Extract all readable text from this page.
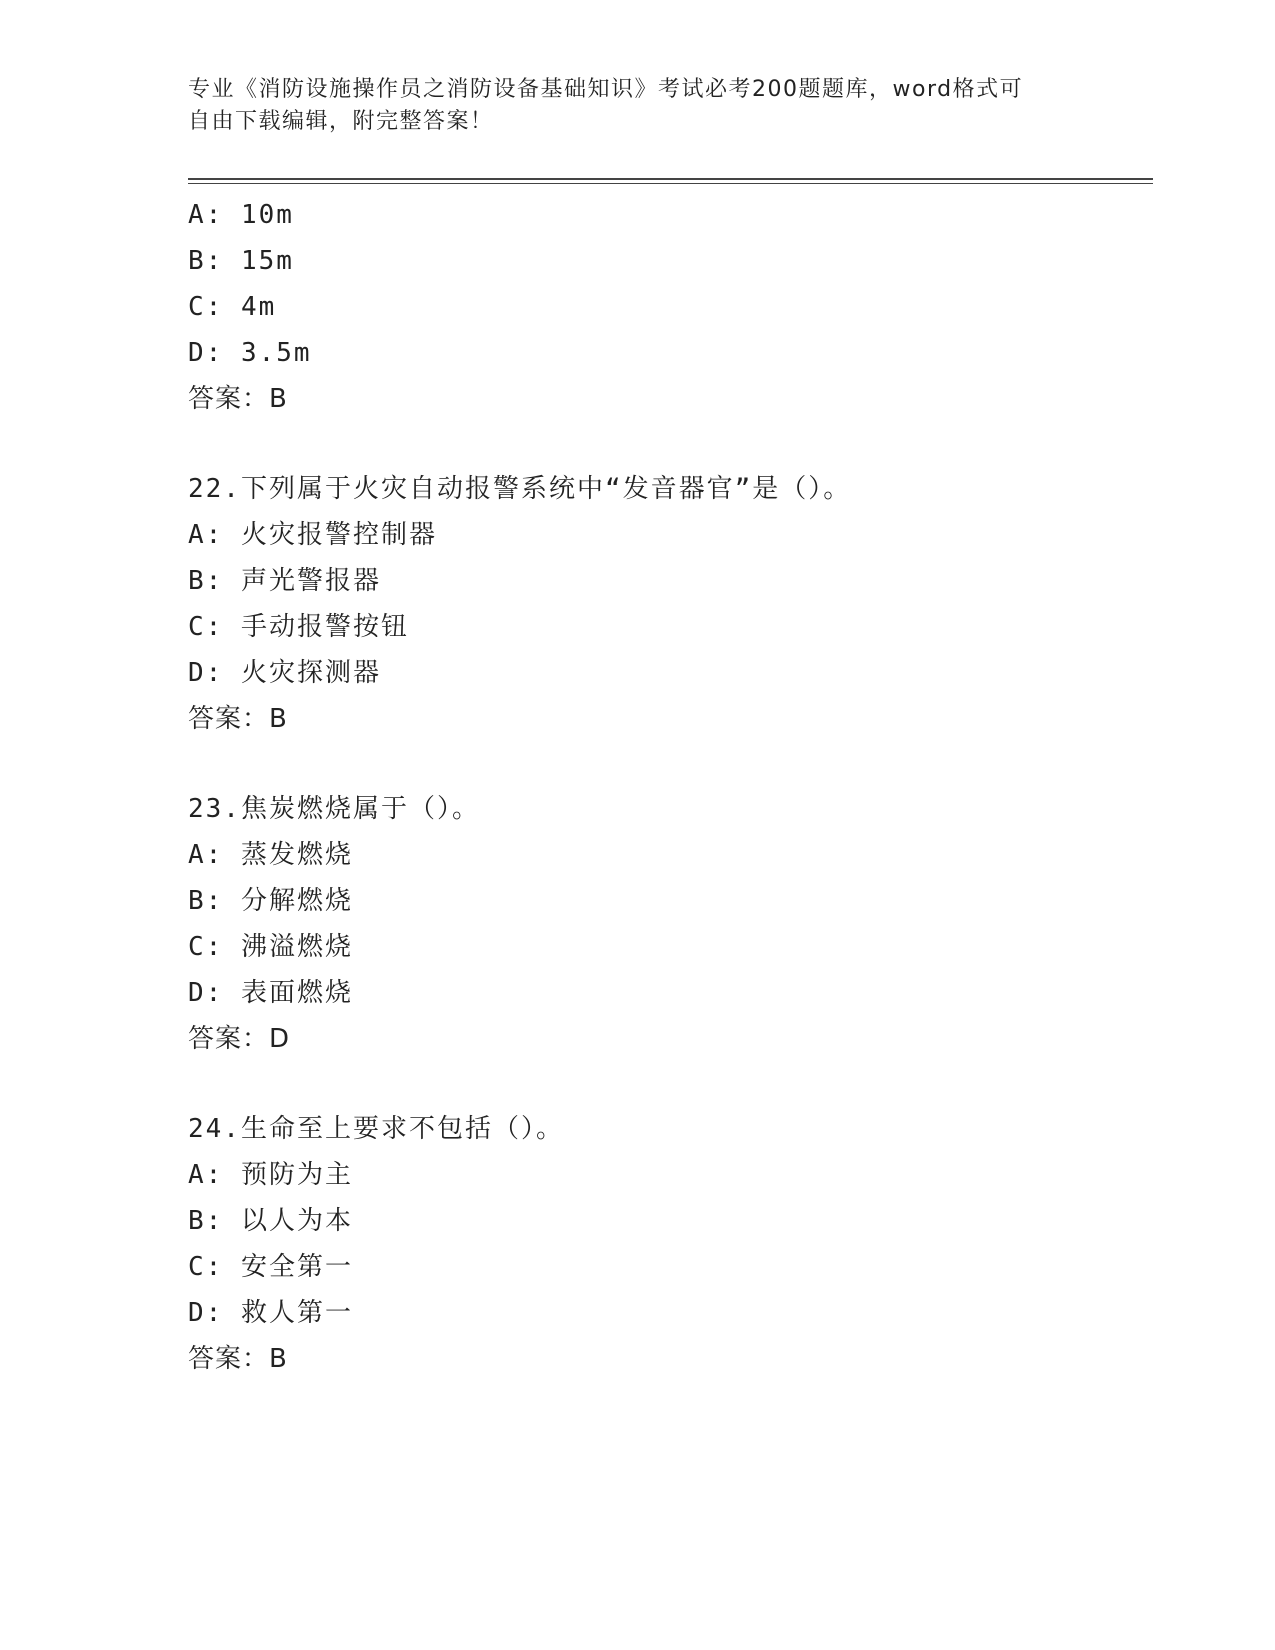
专业《消防设施操作员之消防设备基础知识》考试必考200题题库，word格式可
自由下载编辑，附完整答案！
A: 10m
B: 15m
C: 4m
D: 3.5m
答案：B
22.下列属于火灾自动报警系统中“发音器官”是（）。
A: 火灾报警控制器
B: 声光警报器
C: 手动报警按钮
D: 火灾探测器
答案：B
23.焦炭燃烧属于（）。
A: 蒸发燃烧
B: 分解燃烧
C: 沸溢燃烧
D: 表面燃烧
答案：D
24.生命至上要求不包括（）。
A: 预防为主
B: 以人为本
C: 安全第一
D: 救人第一
答案：B
